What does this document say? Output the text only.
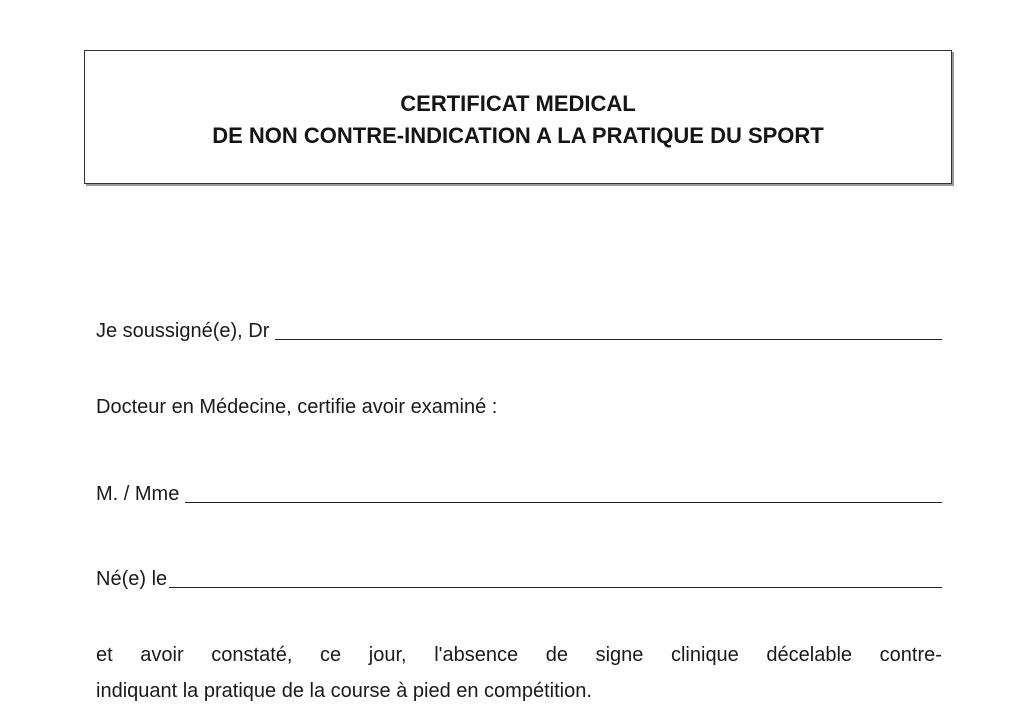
CERTIFICAT MEDICAL
DE NON CONTRE-INDICATION A LA PRATIQUE DU SPORT
Je soussigné(e), Dr
Docteur en Médecine, certifie avoir examiné :
M. / Mme
Né(e) le
et avoir constaté, ce jour, l'absence de signe clinique décelable contre-
indiquant la pratique de la course à pied en compétition.
